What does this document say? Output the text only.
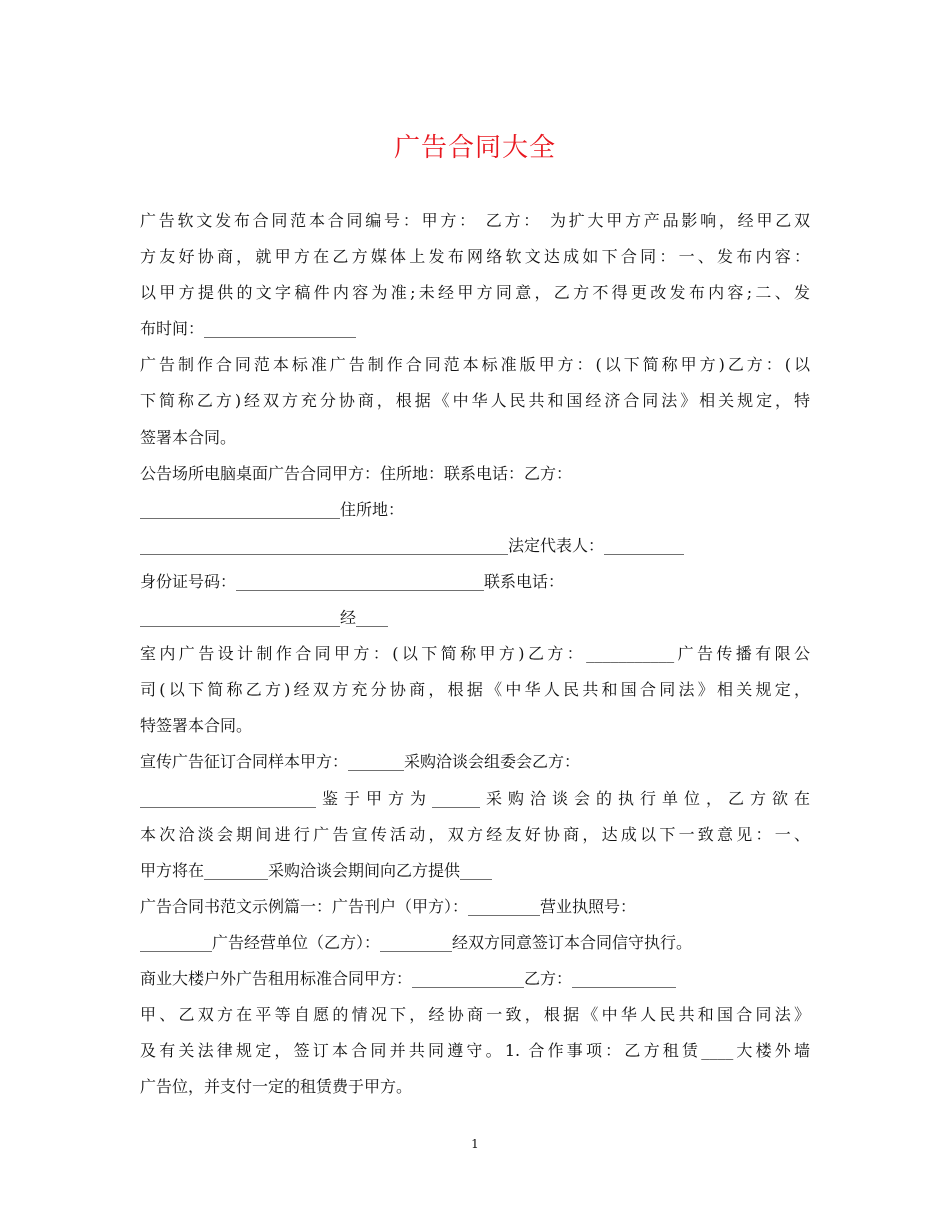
广告合同大全
广告软文发布合同范本合同编号：甲方： 乙方： 为扩大甲方产品影响，经甲乙双
方友好协商，就甲方在乙方媒体上发布网络软文达成如下合同：一、发布内容：
以甲方提供的文字稿件内容为准;未经甲方同意，乙方不得更改发布内容;二、发
布时间：___________________
广告制作合同范本标准广告制作合同范本标准版甲方：(以下简称甲方)乙方：(以
下简称乙方)经双方充分协商，根据《中华人民共和国经济合同法》相关规定，特
签署本合同。
公告场所电脑桌面广告合同甲方：住所地：联系电话：乙方：
_________________________住所地：
______________________________________________法定代表人：__________
身份证号码：_______________________________联系电话：
_________________________经____
室内广告设计制作合同甲方：(以下简称甲方)乙方：___________广告传播有限公
司(以下简称乙方)经双方充分协商，根据《中华人民共和国合同法》相关规定，
特签署本合同。
宣传广告征订合同样本甲方：_______采购洽谈会组委会乙方：
______________________鉴于甲方为______采购洽谈会的执行单位，乙方欲在
本次洽淡会期间进行广告宣传活动，双方经友好协商，达成以下一致意见：一、
甲方将在________采购洽谈会期间向乙方提供____
广告合同书范文示例篇一：广告刊户（甲方）：_________营业执照号：
_________广告经营单位（乙方）：_________经双方同意签订本合同信守执行。
商业大楼户外广告租用标准合同甲方：______________乙方：_____________
甲、乙双方在平等自愿的情况下，经协商一致，根据《中华人民共和国合同法》
及有关法律规定，签订本合同并共同遵守。1. 合作事项：乙方租赁____大楼外墙
广告位，并支付一定的租赁费于甲方。
1
